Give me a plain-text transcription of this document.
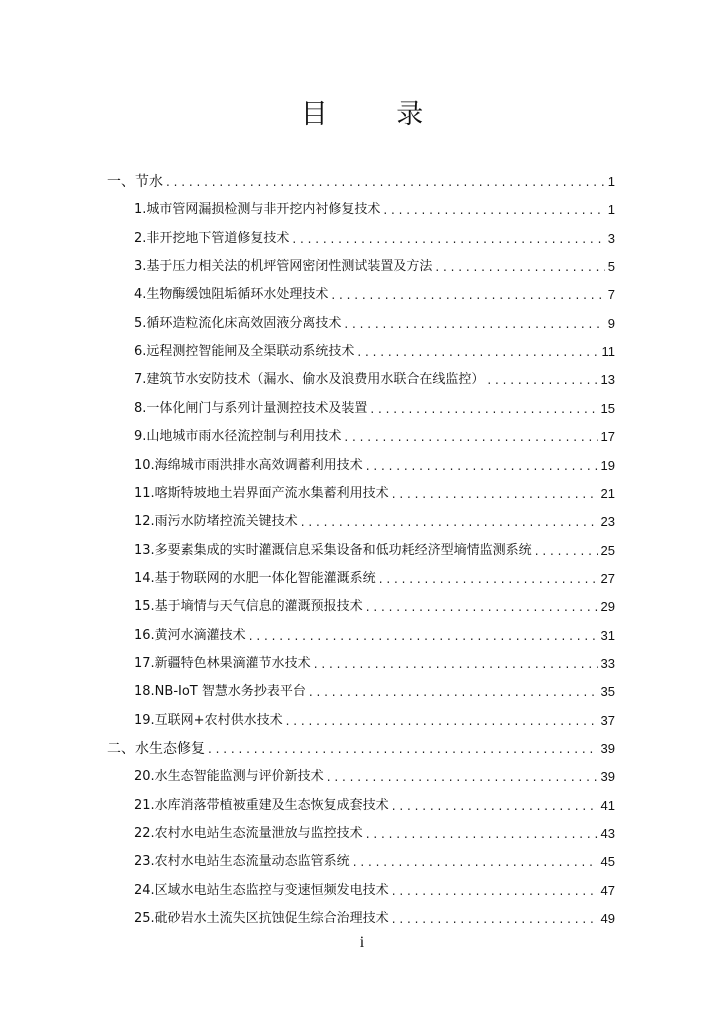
目 录
一、节水 . . .	1
1.城市管网漏损检测与非开挖内衬修复技术 . . .	1
2.非开挖地下管道修复技术 . . .	3
3.基于压力相关法的机坪管网密闭性测试装置及方法 . . .	5
4.生物酶缓蚀阻垢循环水处理技术 . . .	7
5.循环造粒流化床高效固液分离技术 . . .	9
6.远程测控智能闸及全渠联动系统技术 . . .	11
7.建筑节水安防技术（漏水、偷水及浪费用水联合在线监控） . . .	13
8.一体化闸门与系列计量测控技术及装置 . . .	15
9.山地城市雨水径流控制与利用技术 . . .	17
10.海绵城市雨洪排水高效调蓄利用技术 . . .	19
11.喀斯特坡地土岩界面产流水集蓄利用技术 . . .	21
12.雨污水防堵控流关键技术 . . .	23
13.多要素集成的实时灌溉信息采集设备和低功耗经济型墒情监测系统 . . .	25
14.基于物联网的水肥一体化智能灌溉系统 . . .	27
15.基于墒情与天气信息的灌溉预报技术 . . .	29
16.黄河水滴灌技术 . . .	31
17.新疆特色林果滴灌节水技术 . . .	33
18.NB-IoT 智慧水务抄表平台 . . .	35
19.互联网+农村供水技术 . . .	37
二、水生态修复 . . .	39
20.水生态智能监测与评价新技术 . . .	39
21.水库消落带植被重建及生态恢复成套技术 . . .	41
22.农村水电站生态流量泄放与监控技术 . . .	43
23.农村水电站生态流量动态监管系统 . . .	45
24.区域水电站生态监控与变速恒频发电技术 . . .	47
25.砒砂岩水土流失区抗蚀促生综合治理技术 . . .	49
i
